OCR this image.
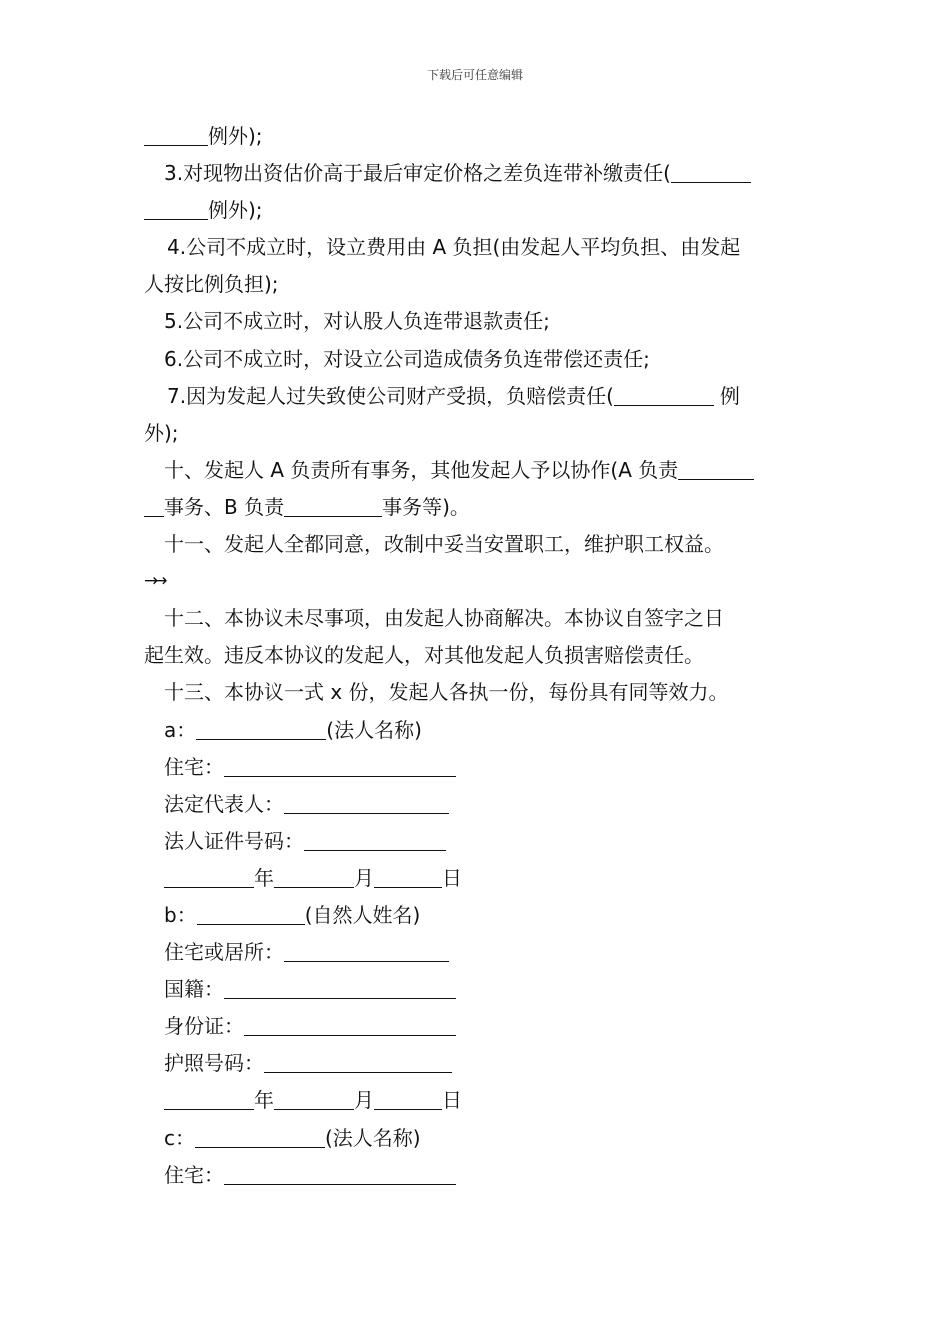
下载后可任意编辑
例外);
3.对现物出资估价高于最后审定价格之差负连带补缴责任(
例外);
4.公司不成立时，设立费用由 A 负担(由发起人平均负担、由发起
人按比例负担);
5.公司不成立时，对认股人负连带退款责任;
6.公司不成立时，对设立公司造成债务负连带偿还责任;
7.因为发起人过失致使公司财产受损，负赔偿责任(	例
外);
十、发起人 A 负责所有事务，其他发起人予以协作(A 负责
事务、B 负责	事务等)。
十一、发起人全都同意，改制中妥当安置职工，维护职工权益。
→→
十二、本协议未尽事项，由发起人协商解决。本协议自签字之日
起生效。违反本协议的发起人，对其他发起人负损害赔偿责任。
十三、本协议一式 x 份，发起人各执一份，每份具有同等效力。
a：	(法人名称)
住宅：
法定代表人：
法人证件号码：
年	月	日
b：	(自然人姓名)
住宅或居所：
国籍：
身份证：
护照号码：
年	月	日
c：	(法人名称)
住宅：
